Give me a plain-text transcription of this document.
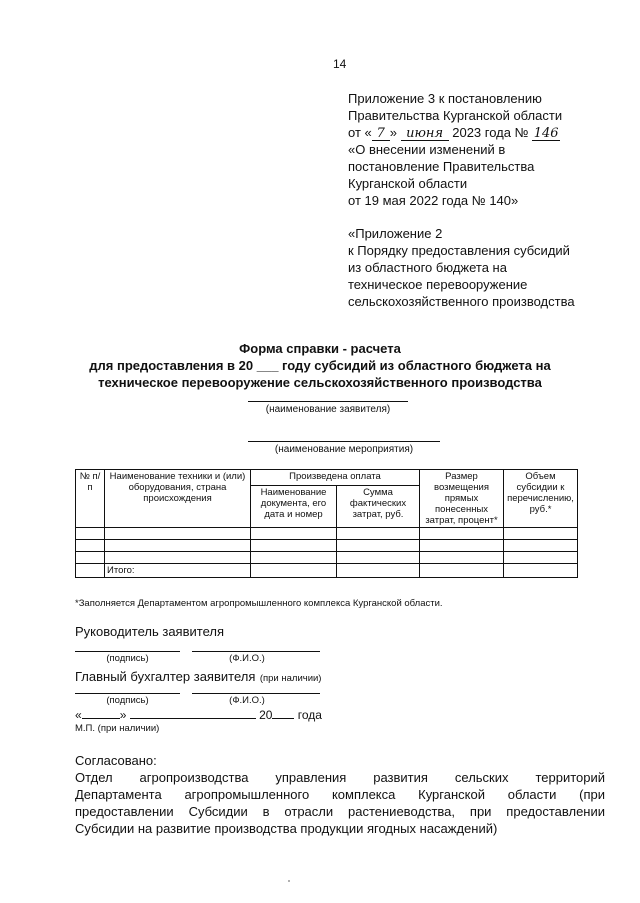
14
Приложение 3 к постановлению
Правительства Курганской области
от « 7 » июня 2023 года № 146
«О внесении изменений в
постановление Правительства
Курганской области
от 19 мая 2022 года № 140»
«Приложение 2
к Порядку предоставления субсидий
из областного бюджета на
техническое перевооружение
сельскохозяйственного производства
Форма справки - расчета
для предоставления в 20 ___ году субсидий из областного бюджета на
техническое перевооружение сельскохозяйственного производства
(наименование заявителя)
(наименование мероприятия)
№ п/п	Наименование техники и (или) оборудования, страна происхождения	Произведена оплата		Размер возмещения прямых понесенных затрат, процент*	Объем субсидии к перечислению, руб.*
		Наименование документа, его дата и номер	Сумма фактических затрат, руб.		

	Итого:				
*Заполняется Департаментом агропромышленного комплекса Курганской области.
Руководитель заявителя
(подпись)	(Ф.И.О.)
Главный бухгалтер заявителя (при наличии)
(подпись)	(Ф.И.О.)
«	»	20 года
М.П. (при наличии)
Согласовано:
Отдел агропроизводства управления развития сельских территорий
Департамента агропромышленного комплекса Курганской области (при
предоставлении Субсидии в отрасли растениеводства, при предоставлении
Субсидии на развитие производства продукции ягодных насаждений)
